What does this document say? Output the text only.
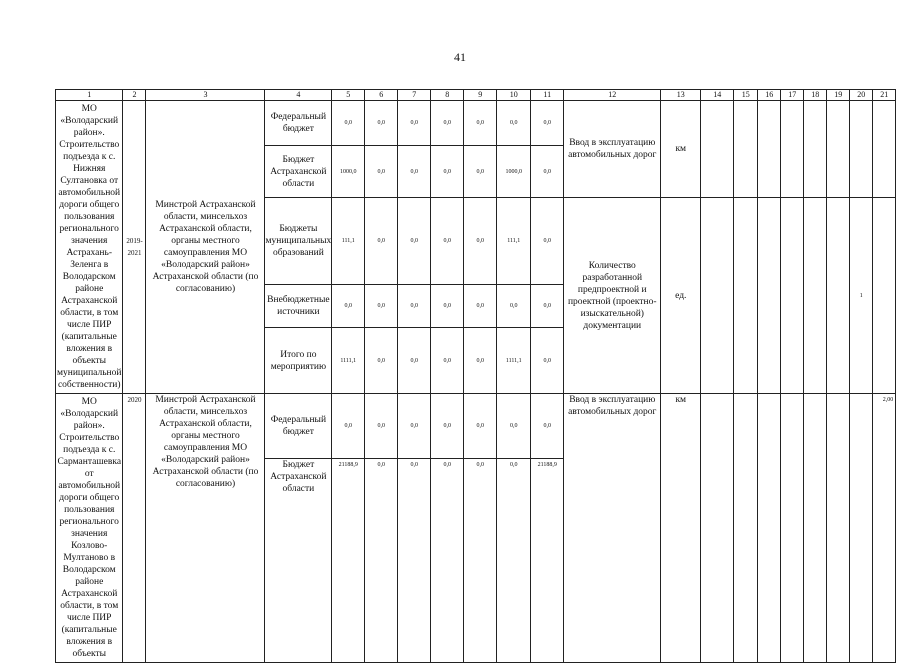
41
1	2	3	4	5	6	7	8	9	10	11	12	13	14	15	16	17	18	19	20	21
МО «Володарский район». Строительство подъезда к с. Нижняя Султановка от автомобильной дороги общего пользования регионального значения Астрахань-Зеленга в Володарском районе Астраханской области, в том числе ПИР (капитальные вложения в объекты муниципальной собственности)	2019-2021	Минстрой Астраханской области, минсельхоз Астраханской области, органы местного самоуправления МО «Володарский район» Астраханской области (по согласованию)	Федеральный бюджет	0,0	0,0	0,0	0,0	0,0	0,0	0,0	Ввод в эксплуатацию автомобильных дорог	км								
			Бюджет Астраханской области	1000,0	0,0	0,0	0,0	0,0	1000,0	0,0										
			Бюджеты муниципальных образований	111,1	0,0	0,0	0,0	0,0	111,1	0,0	Количество разработанной предпроектной и проектной (проектно-изыскательной) документации	ед.							1	
			Внебюджетные источники	0,0	0,0	0,0	0,0	0,0	0,0	0,0										
			Итого по мероприятию	1111,1	0,0	0,0	0,0	0,0	1111,1	0,0										
МО «Володарский район». Строительство подъезда к с. Сарманташевка от автомобильной дороги общего пользования регионального значения Козлово-Мултаново в Володарском районе Астраханской области, в том числе ПИР (капитальные вложения в объекты	2020	Минстрой Астраханской области, минсельхоз Астраханской области, органы местного самоуправления МО «Володарский район» Астраханской области (по согласованию)	Федеральный бюджет	0,0	0,0	0,0	0,0	0,0	0,0	0,0	Ввод в эксплуатацию автомобильных дорог	км								2,00
			Бюджет Астраханской области	21188,9	0,0	0,0	0,0	0,0	0,0	21188,9										
